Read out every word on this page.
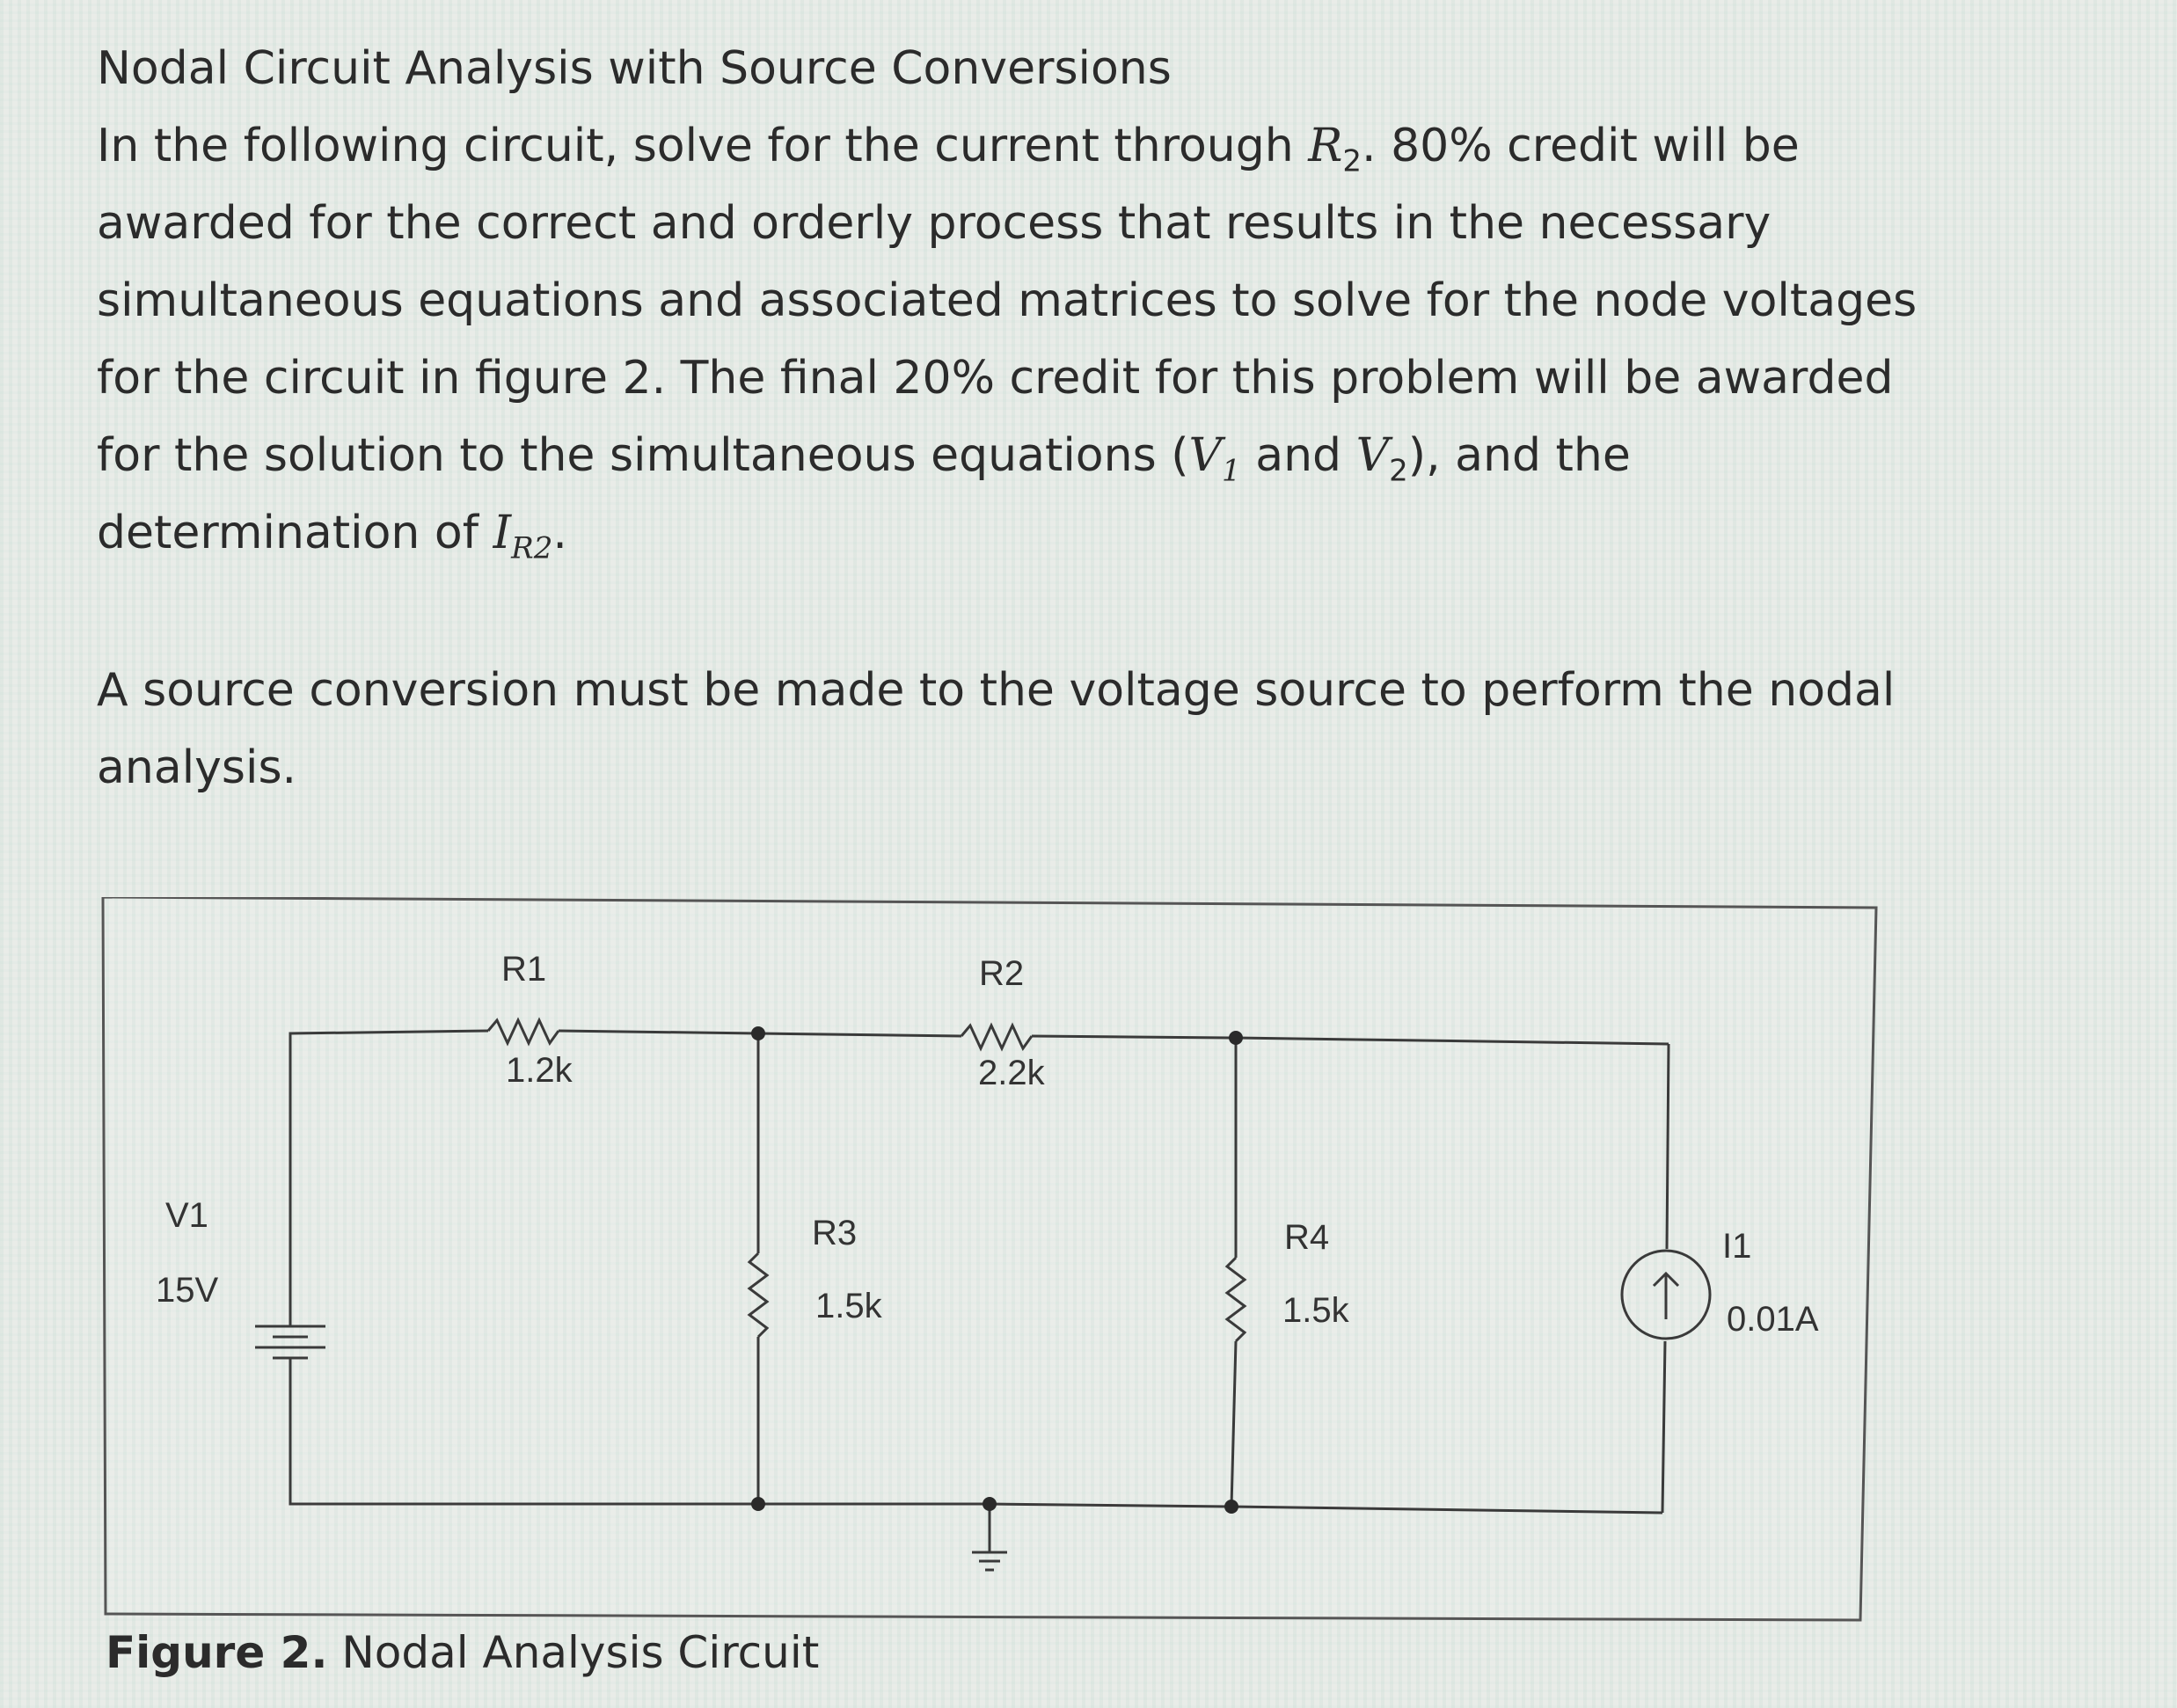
Nodal Circuit Analysis with Source Conversions
In the following circuit, solve for the current through $R_2$. 80% credit will be
awarded for the correct and orderly process that results in the necessary
simultaneous equations and associated matrices to solve for the node voltages
for the circuit in figure 2. The final 20% credit for this problem will be awarded
for the solution to the simultaneous equations ($V_1$ and $V_2$), and the
determination of $I_{R2}$.
A source conversion must be made to the voltage source to perform the nodal
analysis.
R1
1.2k
R2
2.2k
R3
1.5k
R4
1.5k
V1
15V
I1
0.01A
Figure 2. Nodal Analysis Circuit
